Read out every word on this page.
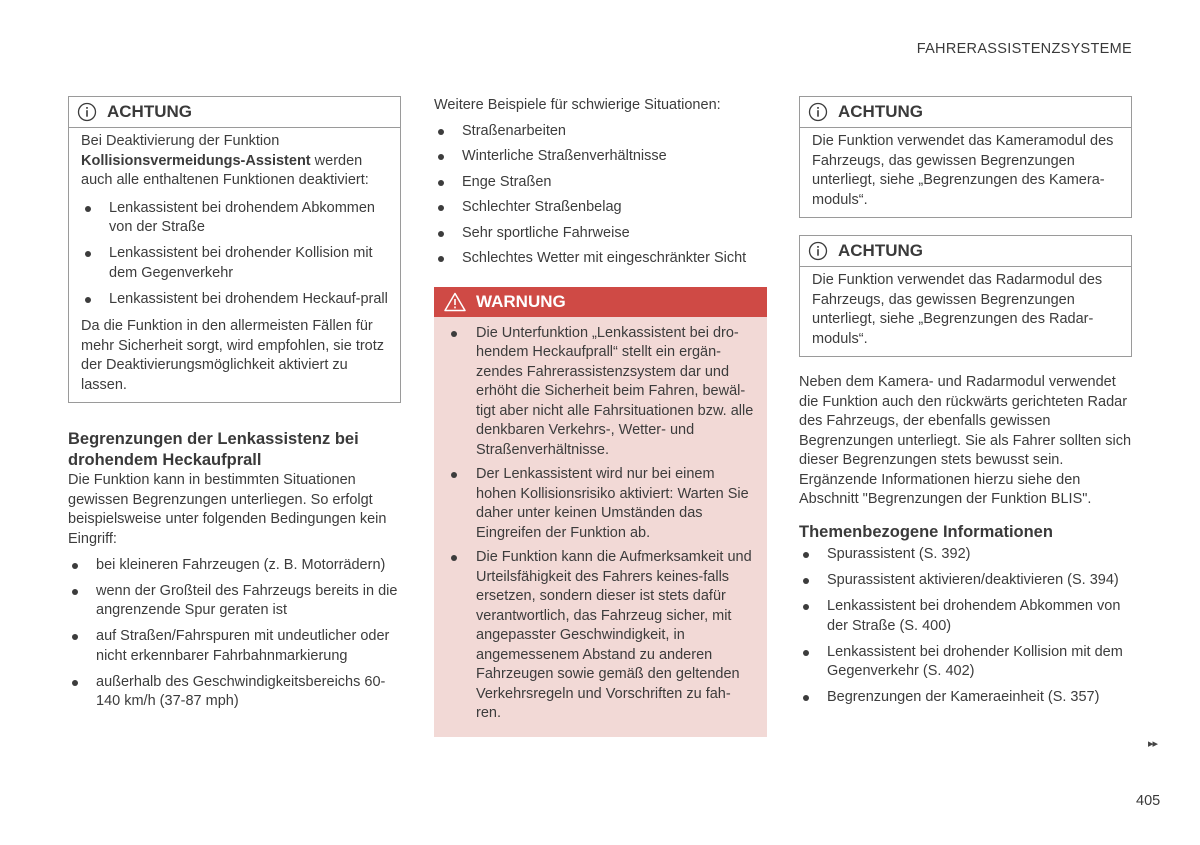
FAHRERASSISTENZSYSTEME
ACHTUNG

Bei Deaktivierung der Funktion
Kollisionsvermeidungs-Assistent werden auch alle enthaltenen Funktionen deaktiviert:

Lenkassistent bei drohendem Abkommen von der Straße
Lenkassistent bei drohender Kollision mit dem Gegenverkehr
Lenkassistent bei drohendem Heckauf-prall

Da die Funktion in den allermeisten Fällen für mehr Sicherheit sorgt, wird empfohlen, sie trotz der Deaktivierungsmöglichkeit aktiviert zu lassen.

Begrenzungen der Lenkassistenz bei drohendem Heckaufprall

Die Funktion kann in bestimmten Situationen gewissen Begrenzungen unterliegen. So erfolgt beispielsweise unter folgenden Bedingungen kein Eingriff:

bei kleineren Fahrzeugen (z. B. Motorrädern)
wenn der Großteil des Fahrzeugs bereits in die angrenzende Spur geraten ist
auf Straßen/Fahrspuren mit undeutlicher oder nicht erkennbarer Fahrbahnmarkierung
außerhalb des Geschwindigkeitsbereichs 60-140 km/h (37-87 mph)

Weitere Beispiele für schwierige Situationen:

Straßenarbeiten
Winterliche Straßenverhältnisse
Enge Straßen
Schlechter Straßenbelag
Sehr sportliche Fahrweise
Schlechtes Wetter mit eingeschränkter Sicht
WARNUNG
Die Unterfunktion „Lenkassistent bei dro-hendem Heckaufprall“ stellt ein ergän-zendes Fahrerassistenzsystem dar und erhöht die Sicherheit beim Fahren, bewäl-tigt aber nicht alle Fahrsituationen bzw. alle denkbaren Verkehrs-, Wetter- und Straßenverhältnisse.
Der Lenkassistent wird nur bei einem hohen Kollisionsrisiko aktiviert: Warten Sie daher unter keinen Umständen das Eingreifen der Funktion ab.
Die Funktion kann die Aufmerksamkeit und Urteilsfähigkeit des Fahrers keines-falls ersetzen, sondern dieser ist stets dafür verantwortlich, das Fahrzeug sicher, mit angepasster Geschwindigkeit, in angemessenem Abstand zu anderen Fahrzeugen sowie gemäß den geltenden Verkehrsregeln und Vorschriften zu fah-ren.
ACHTUNG

Die Funktion verwendet das Kameramodul des Fahrzeugs, das gewissen Begrenzungen unterliegt, siehe „Begrenzungen des Kamera-moduls“.

ACHTUNG

Die Funktion verwendet das Radarmodul des Fahrzeugs, das gewissen Begrenzungen unterliegt, siehe „Begrenzungen des Radar-moduls“.

Neben dem Kamera- und Radarmodul verwendet die Funktion auch den rückwärts gerichteten Radar des Fahrzeugs, der ebenfalls gewissen Begrenzungen unterliegt. Sie als Fahrer sollten sich dieser Begrenzungen stets bewusst sein. Ergänzende Informationen hierzu siehe den Abschnitt "Begrenzungen der Funktion BLIS".

Themenbezogene Informationen
Spurassistent (S. 392)
Spurassistent aktivieren/deaktivieren (S. 394)
Lenkassistent bei drohendem Abkommen von der Straße (S. 400)
Lenkassistent bei drohender Kollision mit dem Gegenverkehr (S. 402)
Begrenzungen der Kameraeinheit (S. 357)
▸▸
405
